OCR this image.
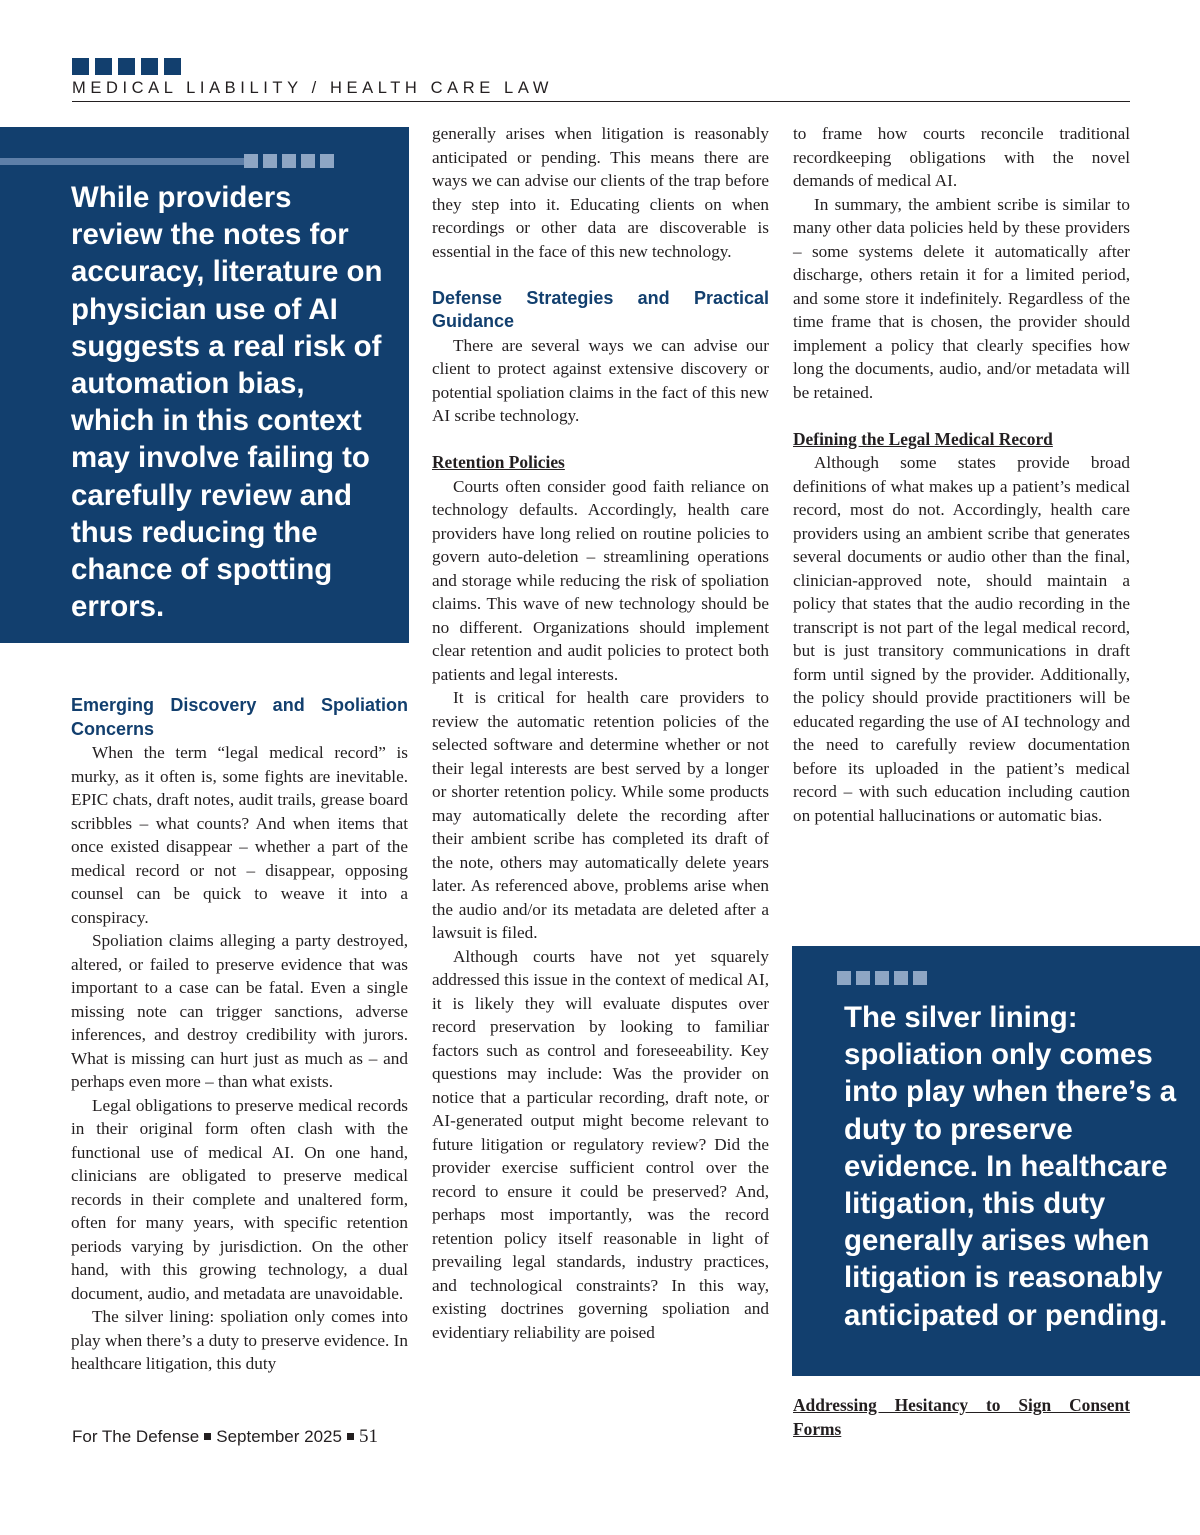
MEDICAL LIABILITY / HEALTH CARE LAW
While providers review the notes for accuracy, literature on physician use of AI suggests a real risk of automation bias, which in this context may involve failing to carefully review and thus reducing the chance of spotting errors.
Emerging Discovery and Spoliation
Concerns

When the term “legal medical record” is murky, as it often is, some fights are inevitable. EPIC chats, draft notes, audit trails, grease board scribbles – what counts? And when items that once existed disappear – whether a part of the medical record or not – disappear, opposing counsel can be quick to weave it into a conspiracy.

Spoliation claims alleging a party destroyed, altered, or failed to preserve evidence that was important to a case can be fatal. Even a single missing note can trigger sanctions, adverse inferences, and destroy credibility with jurors. What is missing can hurt just as much as – and perhaps even more – than what exists.

Legal obligations to preserve medical records in their original form often clash with the functional use of medical AI. On one hand, clinicians are obligated to preserve medical records in their complete and unaltered form, often for many years, with specific retention periods varying by jurisdiction. On the other hand, with this growing technology, a dual document, audio, and metadata are unavoidable.

The silver lining: spoliation only comes into play when there’s a duty to preserve evidence. In healthcare litigation, this duty

generally arises when litigation is reasonably anticipated or pending. This means there are ways we can advise our clients of the trap before they step into it. Educating clients on when recordings or other data are discoverable is essential in the face of this new technology.

Defense Strategies and Practical
Guidance

There are several ways we can advise our client to protect against extensive discovery or potential spoliation claims in the fact of this new AI scribe technology.

Retention Policies

Courts often consider good faith reliance on technology defaults. Accordingly, health care providers have long relied on routine policies to govern auto-deletion – streamlining operations and storage while reducing the risk of spoliation claims. This wave of new technology should be no different. Organizations should implement clear retention and audit policies to protect both patients and legal interests.

It is critical for health care providers to review the automatic retention policies of the selected software and determine whether or not their legal interests are best served by a longer or shorter retention policy. While some products may automatically delete the recording after their ambient scribe has completed its draft of the note, others may automatically delete years later. As referenced above, problems arise when the audio and/or its metadata are deleted after a lawsuit is filed.

Although courts have not yet squarely addressed this issue in the context of medical AI, it is likely they will evaluate disputes over record preservation by looking to familiar factors such as control and foreseeability. Key questions may include: Was the provider on notice that a particular recording, draft note, or AI-generated output might become relevant to future litigation or regulatory review? Did the provider exercise sufficient control over the record to ensure it could be preserved? And, perhaps most importantly, was the record retention policy itself reasonable in light of prevailing legal standards, industry practices, and technological constraints? In this way, existing doctrines governing spoliation and evidentiary reliability are poised

to frame how courts reconcile traditional recordkeeping obligations with the novel demands of medical AI.

In summary, the ambient scribe is similar to many other data policies held by these providers – some systems delete it automatically after discharge, others retain it for a limited period, and some store it indefinitely. Regardless of the time frame that is chosen, the provider should implement a policy that clearly specifies how long the documents, audio, and/or metadata will be retained.

Defining the Legal Medical Record

Although some states provide broad definitions of what makes up a patient’s medical record, most do not. Accordingly, health care providers using an ambient scribe that generates several documents or audio other than the final, clinician-approved note, should maintain a policy that states that the audio recording in the transcript is not part of the legal medical record, but is just transitory communications in draft form until signed by the provider. Additionally, the policy should provide practitioners will be educated regarding the use of AI technology and the need to carefully review documentation before its uploaded in the patient’s medical record – with such education including caution on potential hallucinations or automatic bias.

The silver lining: spoliation only comes into play when there’s a duty to preserve evidence. In healthcare litigation, this duty generally arises when litigation is reasonably anticipated or pending.
Addressing Hesitancy to Sign Consent
Forms
For The Defense September 2025 51
